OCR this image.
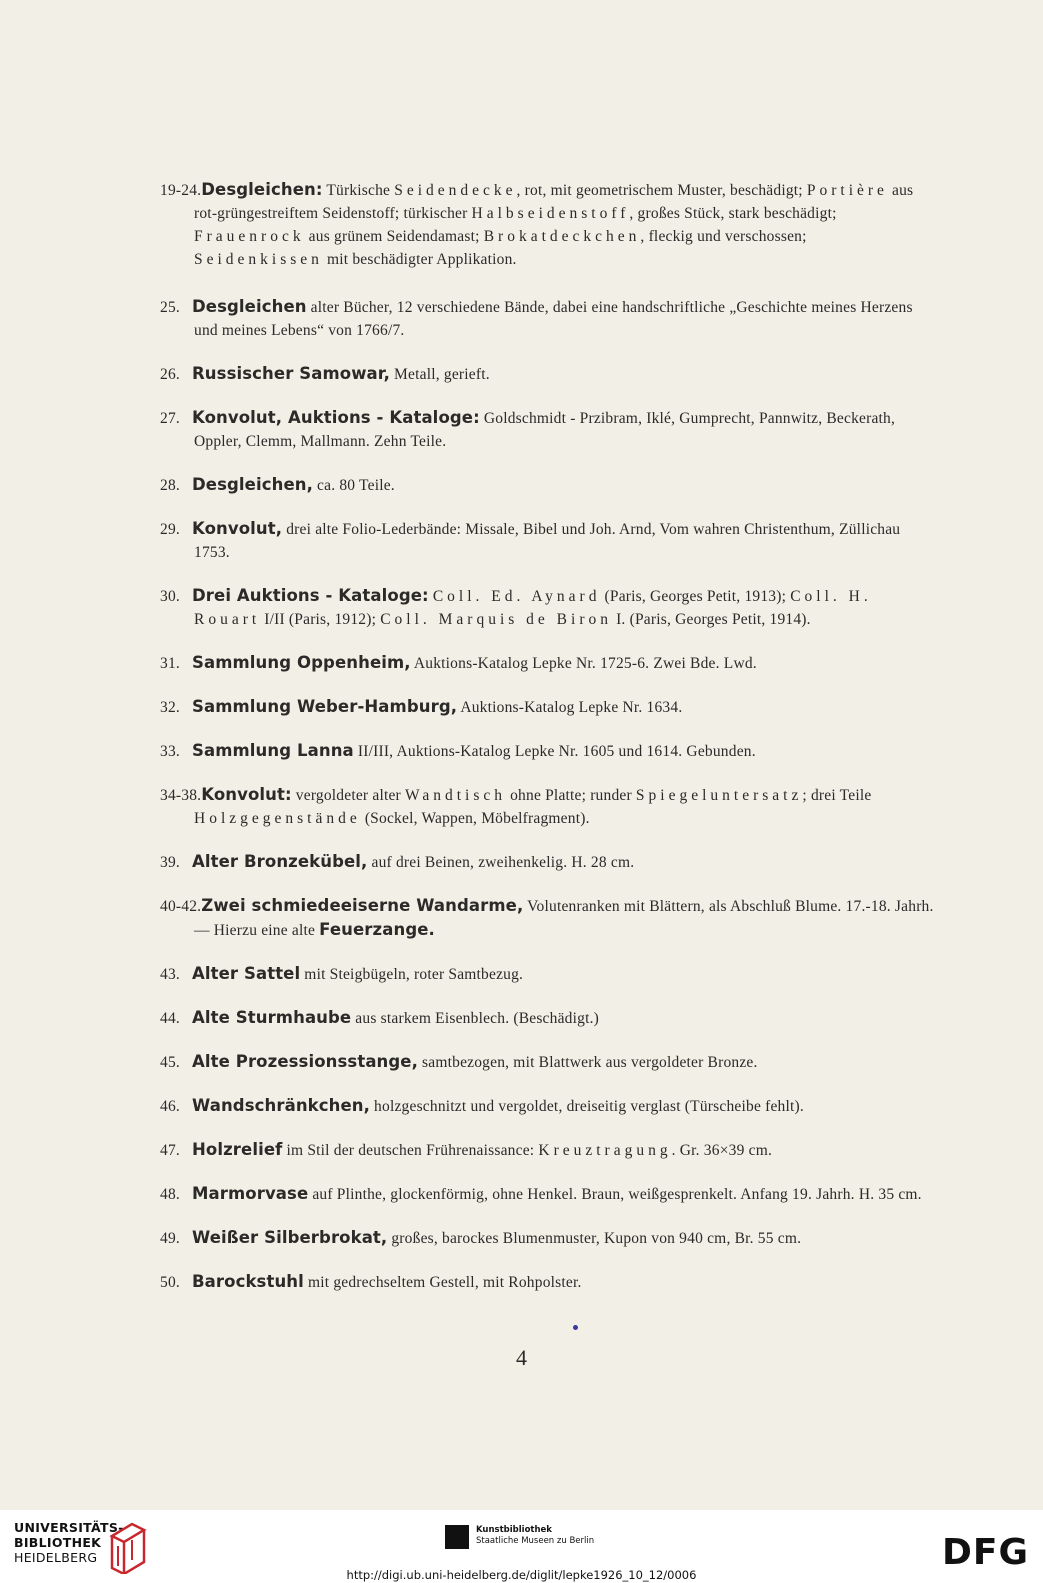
19-24.Desgleichen: Türkische Seidendecke, rot, mit geometrischem Muster, beschädigt; Portière aus rot-grüngestreiftem Seidenstoff; türkischer Halbseidenstoff, großes Stück, stark beschädigt; Frauenrock aus grünem Seidendamast; Brokatdeckchen, fleckig und verschossen; Seidenkissen mit beschädigter Applikation.

25.Desgleichen alter Bücher, 12 verschiedene Bände, dabei eine handschriftliche „Geschichte meines Herzens und meines Lebens“ von 1766/7.

26.Russischer Samowar, Metall, gerieft.

27.Konvolut, Auktions - Kataloge: Goldschmidt - Przibram, Iklé, Gumprecht, Pannwitz, Beckerath, Oppler, Clemm, Mallmann. Zehn Teile.

28.Desgleichen, ca. 80 Teile.

29.Konvolut, drei alte Folio-Lederbände: Missale, Bibel und Joh. Arnd, Vom wahren Christenthum, Züllichau 1753.

30.Drei Auktions - Kataloge: Coll. Ed. Aynard (Paris, Georges Petit, 1913); Coll. H. Rouart I/II (Paris, 1912); Coll. Marquis de Biron I. (Paris, Georges Petit, 1914).

31.Sammlung Oppenheim, Auktions-Katalog Lepke Nr. 1725-6. Zwei Bde. Lwd.

32.Sammlung Weber-Hamburg, Auktions-Katalog Lepke Nr. 1634.

33.Sammlung Lanna II/III, Auktions-Katalog Lepke Nr. 1605 und 1614. Gebunden.

34-38.Konvolut: vergoldeter alter Wandtisch ohne Platte; runder Spiegeluntersatz; drei Teile Holzgegenstände (Sockel, Wappen, Möbelfragment).

39.Alter Bronzekübel, auf drei Beinen, zweihenkelig. H. 28 cm.

40-42.Zwei schmiedeeiserne Wandarme, Volutenranken mit Blättern, als Abschluß Blume. 17.-18. Jahrh. — Hierzu eine alte Feuerzange.

43.Alter Sattel mit Steigbügeln, roter Samtbezug.

44.Alte Sturmhaube aus starkem Eisenblech. (Beschädigt.)

45.Alte Prozessionsstange, samtbezogen, mit Blattwerk aus vergoldeter Bronze.

46.Wandschränkchen, holzgeschnitzt und vergoldet, dreiseitig verglast (Türscheibe fehlt).

47.Holzrelief im Stil der deutschen Frührenaissance: Kreuztragung. Gr. 36×39 cm.

48.Marmorvase auf Plinthe, glockenförmig, ohne Henkel. Braun, weißgesprenkelt. Anfang 19. Jahrh. H. 35 cm.

49.Weißer Silberbrokat, großes, barockes Blumenmuster, Kupon von 940 cm, Br. 55 cm.

50.Barockstuhl mit gedrechseltem Gestell, mit Rohpolster.

4
UNIVERSITÄTS-
BIBLIOTHEK
HEIDELBERG
Kunstbibliothek
Staatliche Museen zu Berlin	DFG
http://digi.ub.uni-heidelberg.de/diglit/lepke1926_10_12/0006
